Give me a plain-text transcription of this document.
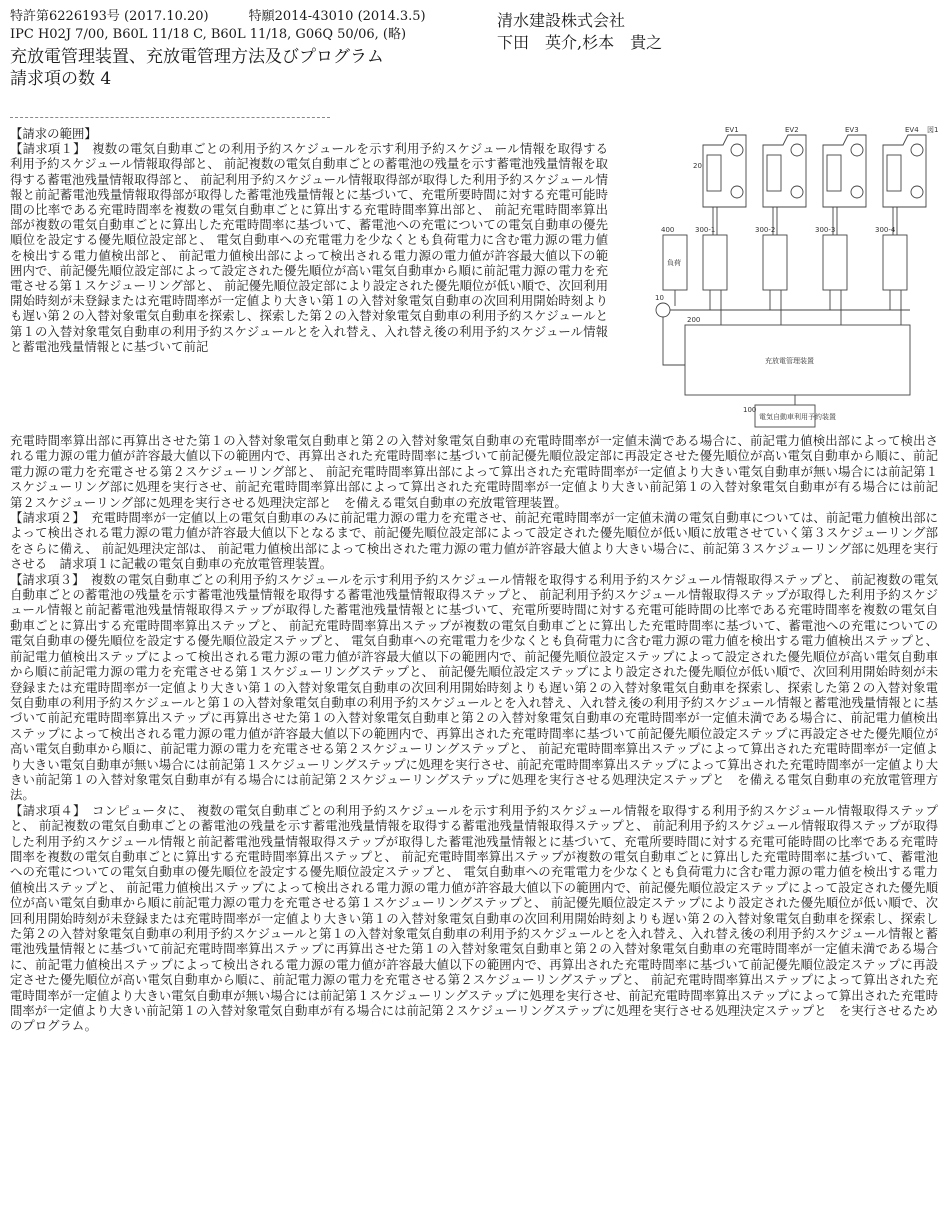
特許第6226193号 (2017.10.20)	特願2014-43010 (2014.3.5)
IPC H02J 7/00, B60L 11/18 C, B60L 11/18, G06Q 50/06, (略)
充放電管理装置、充放電管理方法及びプログラム
請求項の数 4
清水建設株式会社
下田　英介,杉本　貴之

【請求の範囲】

【請求項１】　複数の電気自動車ごとの利用予約スケジュールを示す利用予約スケジュール情報を取得する利用予約スケジュール情報取得部と、 前記複数の電気自動車ごとの蓄電池の残量を示す蓄電池残量情報を取得する蓄電池残量情報取得部と、 前記利用予約スケジュール情報取得部が取得した利用予約スケジュール情報と前記蓄電池残量情報取得部が取得した蓄電池残量情報とに基づいて、充電所要時間に対する充電可能時間の比率である充電時間率を複数の電気自動車ごとに算出する充電時間率算出部と、 前記充電時間率算出部が複数の電気自動車ごとに算出した充電時間率に基づいて、蓄電池への充電についての電気自動車の優先順位を設定する優先順位設定部と、 電気自動車への充電電力を少なくとも負荷電力に含む電力源の電力値を検出する電力値検出部と、 前記電力値検出部によって検出される電力源の電力値が許容最大値以下の範囲内で、前記優先順位設定部によって設定された優先順位が高い電気自動車から順に前記電力源の電力を充電させる第１スケジューリング部と、 前記優先順位設定部により設定された優先順位が低い順で、次回利用開始時刻が未登録または充電時間率が一定値より大きい第１の入替対象電気自動車の次回利用開始時刻よりも遅い第２の入替対象電気自動車を探索し、探索した第２の入替対象電気自動車の利用予約スケジュールと第１の入替対象電気自動車の利用予約スケジュールとを入れ替え、入れ替え後の利用予約スケジュール情報と蓄電池残量情報とに基づいて前記

図1
EV1	EV2	EV3	EV4
20
300-1	300-2	300-3	300-4
400
負荷
10
200
充放電管理装置
100
電気自動車利用予約装置

充電時間率算出部に再算出させた第１の入替対象電気自動車と第２の入替対象電気自動車の充電時間率が一定値未満である場合に、前記電力値検出部によって検出される電力源の電力値が許容最大値以下の範囲内で、再算出された充電時間率に基づいて前記優先順位設定部に再設定させた優先順位が高い電気自動車から順に、前記電力源の電力を充電させる第２スケジューリング部と、 前記充電時間率算出部によって算出された充電時間率が一定値より大きい電気自動車が無い場合には前記第１スケジューリング部に処理を実行させ、前記充電時間率算出部によって算出された充電時間率が一定値より大きい前記第１の入替対象電気自動車が有る場合には前記第２スケジューリング部に処理を実行させる処理決定部と　を備える電気自動車の充放電管理装置。

【請求項２】　充電時間率が一定値以上の電気自動車のみに前記電力源の電力を充電させ、前記充電時間率が一定値未満の電気自動車については、前記電力値検出部によって検出される電力源の電力値が許容最大値以下となるまで、前記優先順位設定部によって設定された優先順位が低い順に放電させていく第３スケジューリング部をさらに備え、 前記処理決定部は、 前記電力値検出部によって検出された電力源の電力値が許容最大値より大きい場合に、前記第３スケジューリング部に処理を実行させる　請求項１に記載の電気自動車の充放電管理装置。

【請求項３】　複数の電気自動車ごとの利用予約スケジュールを示す利用予約スケジュール情報を取得する利用予約スケジュール情報取得ステップと、 前記複数の電気自動車ごとの蓄電池の残量を示す蓄電池残量情報を取得する蓄電池残量情報取得ステップと、 前記利用予約スケジュール情報取得ステップが取得した利用予約スケジュール情報と前記蓄電池残量情報取得ステップが取得した蓄電池残量情報とに基づいて、充電所要時間に対する充電可能時間の比率である充電時間率を複数の電気自動車ごとに算出する充電時間率算出ステップと、 前記充電時間率算出ステップが複数の電気自動車ごとに算出した充電時間率に基づいて、蓄電池への充電についての電気自動車の優先順位を設定する優先順位設定ステップと、 電気自動車への充電電力を少なくとも負荷電力に含む電力源の電力値を検出する電力値検出ステップと、 前記電力値検出ステップによって検出される電力源の電力値が許容最大値以下の範囲内で、前記優先順位設定ステップによって設定された優先順位が高い電気自動車から順に前記電力源の電力を充電させる第１スケジューリングステップと、 前記優先順位設定ステップにより設定された優先順位が低い順で、次回利用開始時刻が未登録または充電時間率が一定値より大きい第１の入替対象電気自動車の次回利用開始時刻よりも遅い第２の入替対象電気自動車を探索し、探索した第２の入替対象電気自動車の利用予約スケジュールと第１の入替対象電気自動車の利用予約スケジュールとを入れ替え、入れ替え後の利用予約スケジュール情報と蓄電池残量情報とに基づいて前記充電時間率算出ステップに再算出させた第１の入替対象電気自動車と第２の入替対象電気自動車の充電時間率が一定値未満である場合に、前記電力値検出ステップによって検出される電力源の電力値が許容最大値以下の範囲内で、再算出された充電時間率に基づいて前記優先順位設定ステップに再設定させた優先順位が高い電気自動車から順に、前記電力源の電力を充電させる第２スケジューリングステップと、 前記充電時間率算出ステップによって算出された充電時間率が一定値より大きい電気自動車が無い場合には前記第１スケジューリングステップに処理を実行させ、前記充電時間率算出ステップによって算出された充電時間率が一定値より大きい前記第１の入替対象電気自動車が有る場合には前記第２スケジューリングステップに処理を実行させる処理決定ステップと　を備える電気自動車の充放電管理方法。

【請求項４】　コンピュータに、 複数の電気自動車ごとの利用予約スケジュールを示す利用予約スケジュール情報を取得する利用予約スケジュール情報取得ステップと、 前記複数の電気自動車ごとの蓄電池の残量を示す蓄電池残量情報を取得する蓄電池残量情報取得ステップと、 前記利用予約スケジュール情報取得ステップが取得した利用予約スケジュール情報と前記蓄電池残量情報取得ステップが取得した蓄電池残量情報とに基づいて、充電所要時間に対する充電可能時間の比率である充電時間率を複数の電気自動車ごとに算出する充電時間率算出ステップと、 前記充電時間率算出ステップが複数の電気自動車ごとに算出した充電時間率に基づいて、蓄電池への充電についての電気自動車の優先順位を設定する優先順位設定ステップと、 電気自動車への充電電力を少なくとも負荷電力に含む電力源の電力値を検出する電力値検出ステップと、 前記電力値検出ステップによって検出される電力源の電力値が許容最大値以下の範囲内で、前記優先順位設定ステップによって設定された優先順位が高い電気自動車から順に前記電力源の電力を充電させる第１スケジューリングステップと、 前記優先順位設定ステップにより設定された優先順位が低い順で、次回利用開始時刻が未登録または充電時間率が一定値より大きい第１の入替対象電気自動車の次回利用開始時刻よりも遅い第２の入替対象電気自動車を探索し、探索した第２の入替対象電気自動車の利用予約スケジュールと第１の入替対象電気自動車の利用予約スケジュールとを入れ替え、入れ替え後の利用予約スケジュール情報と蓄電池残量情報とに基づいて前記充電時間率算出ステップに再算出させた第１の入替対象電気自動車と第２の入替対象電気自動車の充電時間率が一定値未満である場合に、前記電力値検出ステップによって検出される電力源の電力値が許容最大値以下の範囲内で、再算出された充電時間率に基づいて前記優先順位設定ステップに再設定させた優先順位が高い電気自動車から順に、前記電力源の電力を充電させる第２スケジューリングステップと、 前記充電時間率算出ステップによって算出された充電時間率が一定値より大きい電気自動車が無い場合には前記第１スケジューリングステップに処理を実行させ、前記充電時間率算出ステップによって算出された充電時間率が一定値より大きい前記第１の入替対象電気自動車が有る場合には前記第２スケジューリングステップに処理を実行させる処理決定ステップと　を実行させるためのプログラム。
